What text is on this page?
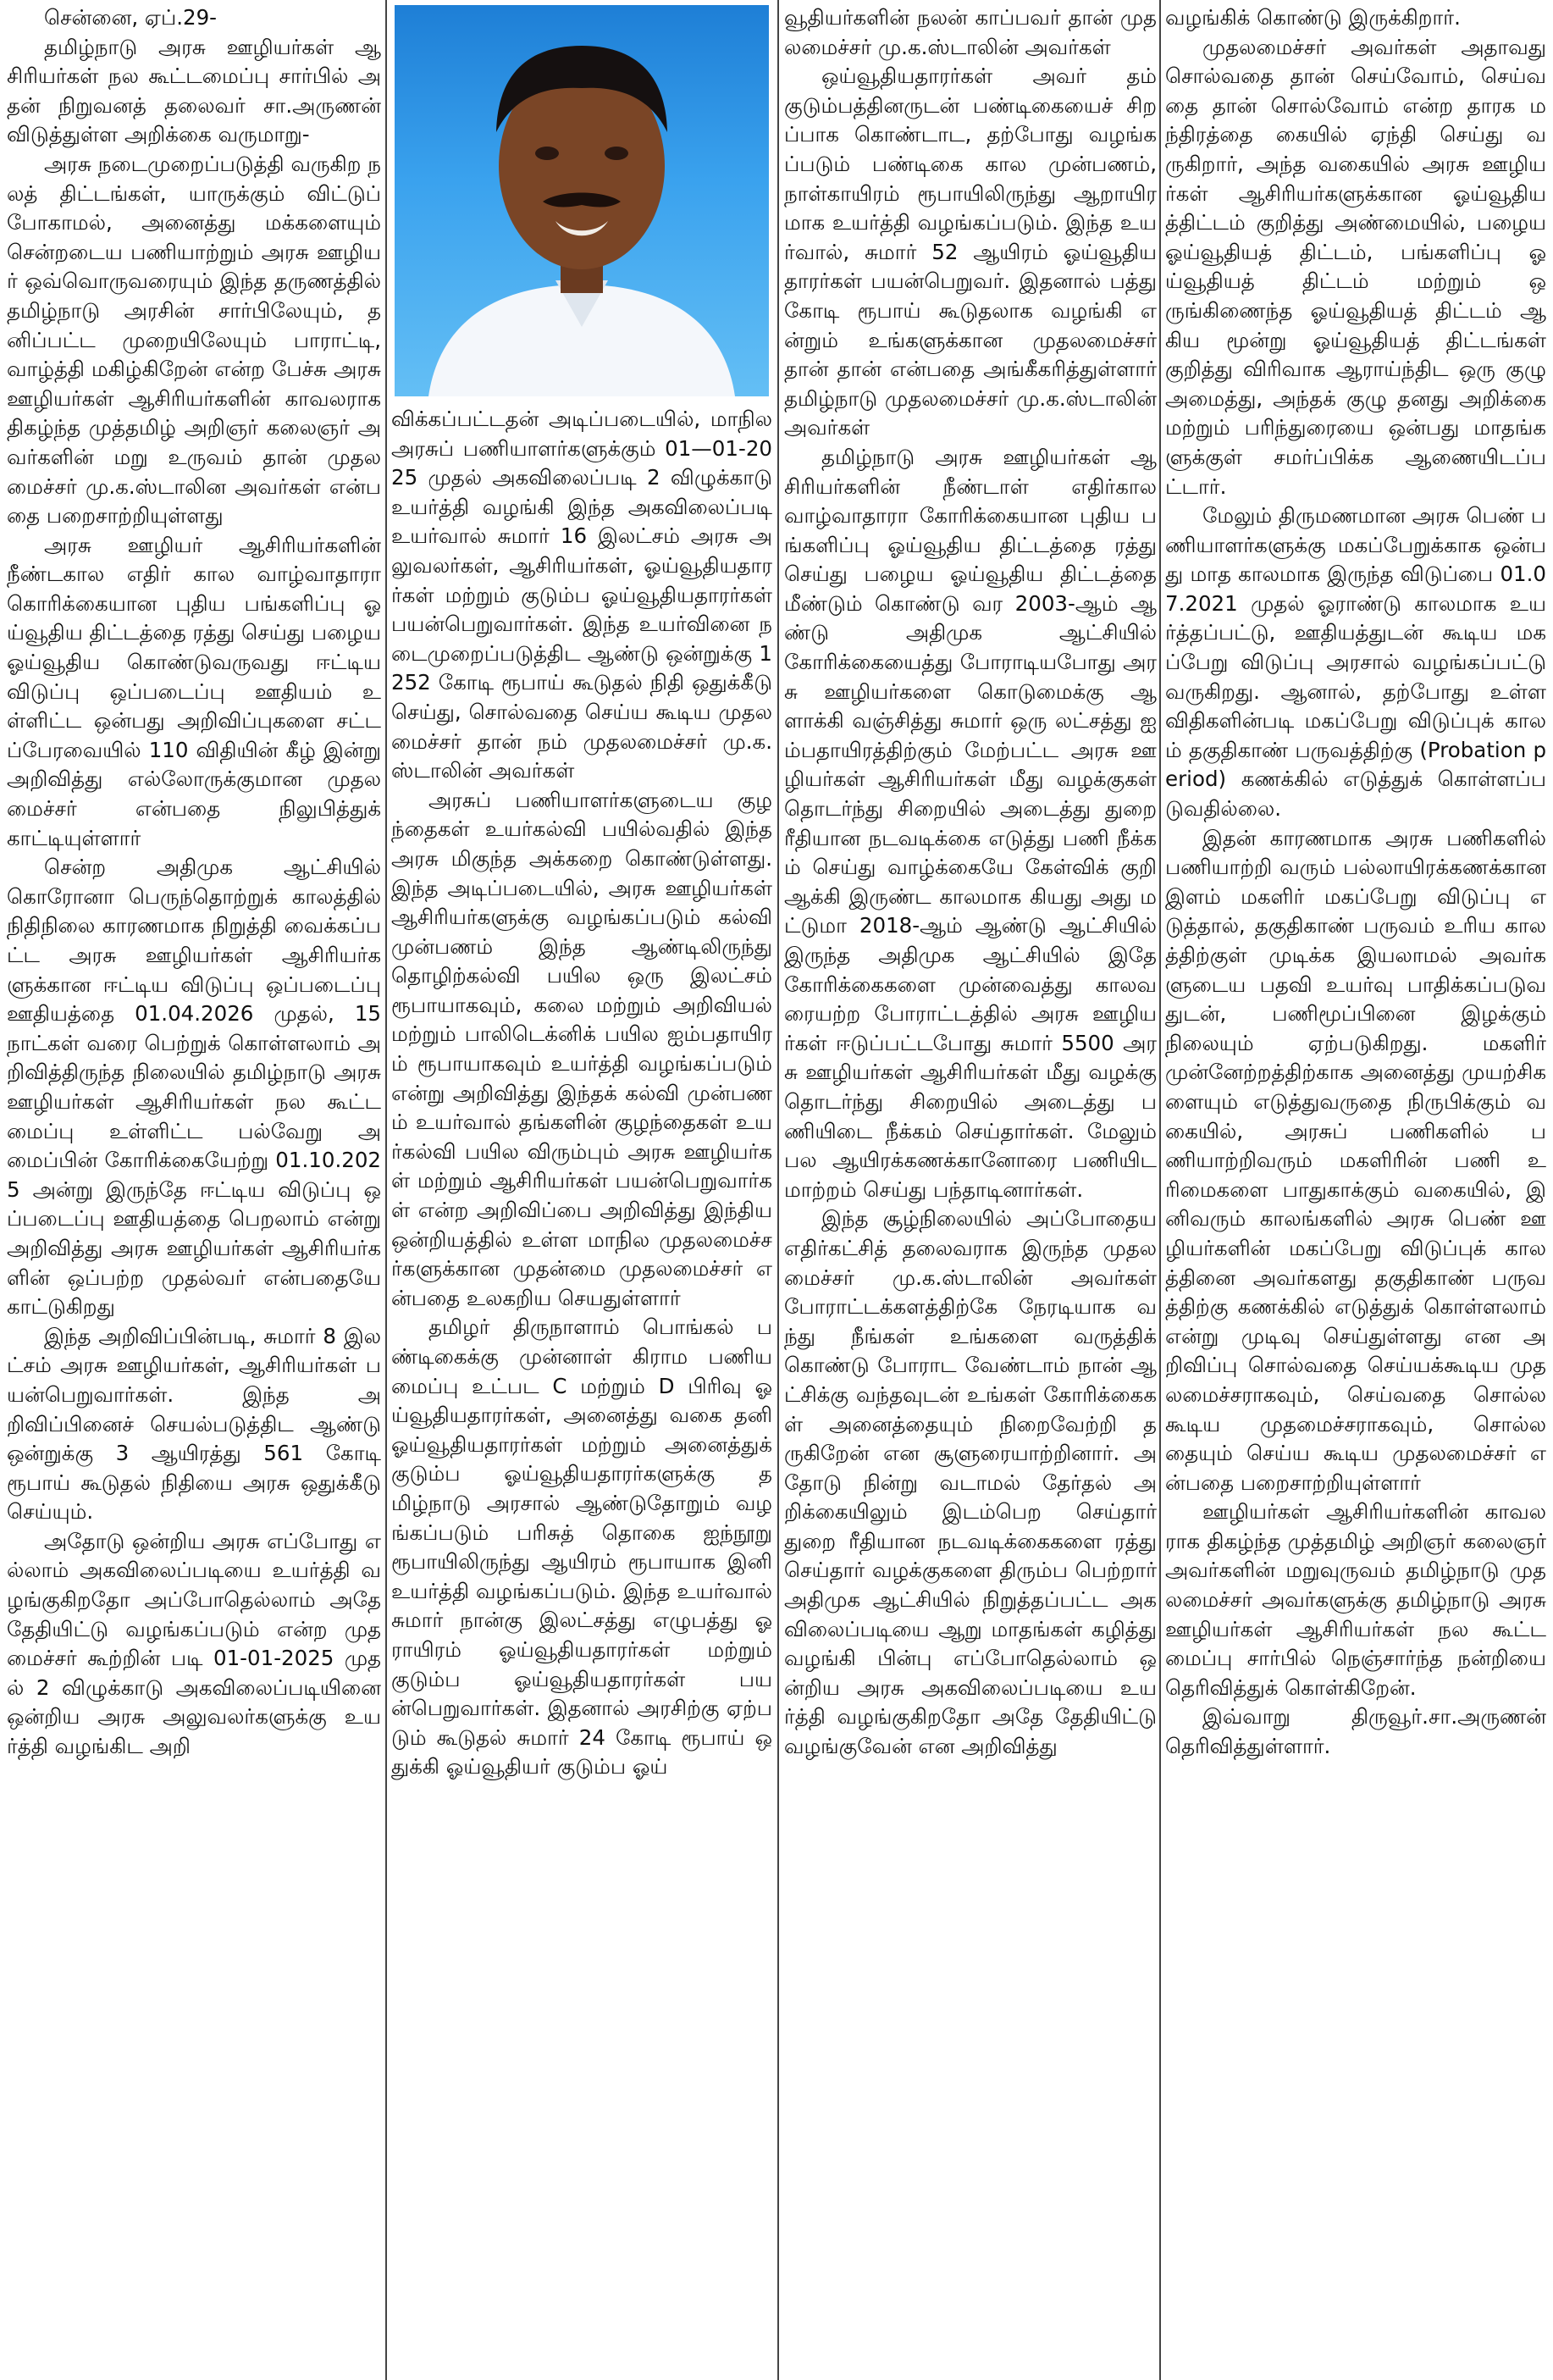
சென்னை, ஏப்.29-

தமிழ்நாடு அரசு ஊழியர்கள் ஆசிரியர்கள் நல கூட்டமைப்பு சார்பில் அதன் நிறுவனத் தலைவர் சா.அருணன் விடுத்துள்ள அறிக்கை வருமாறு-

அரசு நடைமுறைப்படுத்தி வருகிற நலத் திட்டங்கள், யாருக்கும் விட்டுப் போகாமல், அனைத்து மக்களையும் சென்றடைய பணியாற்றும் அரசு ஊழியர் ஒவ்வொருவரையும் இந்த தருணத்தில் தமிழ்நாடு அரசின் சார்பிலேயும், தனிப்பட்ட முறையிலேயும் பாராட்டி, வாழ்த்தி மகிழ்கிறேன் என்ற பேச்சு அரசு ஊழியர்கள் ஆசிரியர்களின் காவலராக திகழ்ந்த முத்தமிழ் அறிஞர் கலைஞர் அவர்களின் மறு உருவம் தான் முதலமைச்சர் மு.க.ஸ்டாலின அவர்கள் என்பதை பறைசாற்றியுள்ளது

அரசு ஊழியர் ஆசிரியர்களின் நீண்டகால எதிர் கால வாழ்வாதாரா கொரிக்கையான புதிய பங்களிப்பு ஓய்வூதிய திட்டத்தை ரத்து செய்து பழைய ஓய்வூதிய கொண்டுவருவது ஈட்டிய விடுப்பு ஒப்படைப்பு ஊதியம் உள்ளிட்ட ஒன்பது அறிவிப்புகளை சட்டப்பேரவையில் 110 விதியின் கீழ் இன்று அறிவித்து எல்லோருக்குமான முதலமைச்சர் என்பதை நிலுபித்துக் காட்டியுள்ளார்

சென்ற அதிமுக ஆட்சியில் கொரோனா பெருந்தொற்றுக் காலத்தில் நிதிநிலை காரணமாக நிறுத்தி வைக்கப்பட்ட அரசு ஊழியர்கள் ஆசிரியர்களுக்கான ஈட்டிய விடுப்பு ஒப்படைப்பு ஊதியத்தை 01.04.2026 முதல், 15 நாட்கள் வரை பெற்றுக் கொள்ளலாம் அறிவித்திருந்த நிலையில் தமிழ்நாடு அரசு ஊழியர்கள் ஆசிரியர்கள் நல கூட்டமைப்பு உள்ளிட்ட பல்வேறு அமைப்பின் கோரிக்கையேற்று 01.10.2025 அன்று இருந்தே ஈட்டிய விடுப்பு ஒப்படைப்பு ஊதியத்தை பெறலாம் என்று அறிவித்து அரசு ஊழியர்கள் ஆசிரியர்களின் ஒப்பற்ற முதல்வர் என்பதையே காட்டுகிறது

இந்த அறிவிப்பின்படி, சுமார் 8 இலட்சம் அரசு ஊழியர்கள், ஆசிரியர்கள் பயன்பெறுவார்கள். இந்த அறிவிப்பினைச் செயல்படுத்திட ஆண்டு ஒன்றுக்கு 3 ஆயிரத்து 561 கோடி ரூபாய் கூடுதல் நிதியை அரசு ஒதுக்கீடு செய்யும்.

அதோடு ஒன்றிய அரசு எப்போது எல்லாம் அகவிலைப்படியை உயர்த்தி வழங்குகிறதோ அப்போதெல்லாம் அதே தேதியிட்டு வழங்கப்படும் என்ற முதமைச்சர் கூற்றின் படி 01-01-2025 முதல் 2 விழுக்காடு அகவிலைப்படியினை ஒன்றிய அரசு அலுவலர்களுக்கு உயர்த்தி வழங்கிட அறி

விக்கப்பட்டதன் அடிப்படையில், மாநில அரசுப் பணியாளர்களுக்கும் 01—01-2025 முதல் அகவிலைப்படி 2 விழுக்காடு உயர்த்தி வழங்கி இந்த அகவிலைப்படி உயர்வால் சுமார் 16 இலட்சம் அரசு அலுவலர்கள், ஆசிரியர்கள், ஓய்வூதியதாரர்கள் மற்றும் குடும்ப ஓய்வூதியதாரர்கள் பயன்பெறுவார்கள். இந்த உயர்வினை நடைமுறைப்படுத்திட ஆண்டு ஒன்றுக்கு 1252 கோடி ரூபாய் கூடுதல் நிதி ஒதுக்கீடு செய்து, சொல்வதை செய்ய கூடிய முதலமைச்சர் தான் நம் முதலமைச்சர் மு.க.ஸ்டாலின் அவர்கள்

அரசுப் பணியாளர்களுடைய குழந்தைகள் உயர்கல்வி பயில்வதில் இந்த அரசு மிகுந்த அக்கறை கொண்டுள்ளது. இந்த அடிப்படையில், அரசு ஊழியர்கள் ஆசிரியர்களுக்கு வழங்கப்படும் கல்வி முன்பணம் இந்த ஆண்டிலிருந்து தொழிற்கல்வி பயில ஒரு இலட்சம் ரூபாயாகவும், கலை மற்றும் அறிவியல் மற்றும் பாலிடெக்னிக் பயில ஐம்பதாயிரம் ரூபாயாகவும் உயர்த்தி வழங்கப்படும் என்று அறிவித்து இந்தக் கல்வி முன்பணம் உயர்வால் தங்களின் குழந்தைகள் உயர்கல்வி பயில விரும்பும் அரசு ஊழியர்கள் மற்றும் ஆசிரியர்கள் பயன்பெறுவார்கள் என்ற அறிவிப்பை அறிவித்து இந்திய ஒன்றியத்தில் உள்ள மாநில முதலமைச்சர்களுக்கான முதன்மை முதலமைச்சர் என்பதை உலகறிய செயதுள்ளார்

தமிழர் திருநாளாம் பொங்கல் பண்டிகைக்கு முன்னாள் கிராம பணியமைப்பு உட்பட C மற்றும் D பிரிவு ஓய்வூதியதாரர்கள், அனைத்து வகை தனி ஓய்வூதியதாரர்கள் மற்றும் அனைத்துக் குடும்ப ஓய்வூதியதாரர்களுக்கு தமிழ்நாடு அரசால் ஆண்டுதோறும் வழங்கப்படும் பரிசுத் தொகை ஐந்நூறு ரூபாயிலிருந்து ஆயிரம் ரூபாயாக இனி உயர்த்தி வழங்கப்படும். இந்த உயர்வால் சுமார் நான்கு இலட்சத்து எழுபத்து ஓராயிரம் ஓய்வூதியதாரர்கள் மற்றும் குடும்ப ஓய்வூதியதாரர்கள் பயன்பெறுவார்கள். இதனால் அரசிற்கு ஏற்படும் கூடுதல் சுமார் 24 கோடி ரூபாய் ஒதுக்கி ஓய்வூதியர் குடும்ப ஓய்

வூதியர்களின் நலன் காப்பவர் தான் முதலமைச்சர் மு.க.ஸ்டாலின் அவர்கள்

ஒய்வூதியதாரர்கள் அவர் தம் குடும்பத்தினருடன் பண்டிகையைச் சிறப்பாக கொண்டாட, தற்போது வழங்கப்படும் பண்டிகை கால முன்பணம், நாள்காயிரம் ரூபாயிலிருந்து ஆறாயிரமாக உயர்த்தி வழங்கப்படும். இந்த உயர்வால், சுமார் 52 ஆயிரம் ஓய்வூதியதாரர்கள் பயன்பெறுவர். இதனால் பத்து கோடி ரூபாய் கூடுதலாக வழங்கி என்றும் உங்களுக்கான முதலமைச்சர் தான் தான் என்பதை அங்கீகரித்துள்ளார் தமிழ்நாடு முதலமைச்சர் மு.க.ஸ்டாலின் அவர்கள்

தமிழ்நாடு அரசு ஊழியர்கள் ஆசிரியர்களின் நீண்டாள் எதிர்கால வாழ்வாதாரா கோரிக்கையான புதிய பங்களிப்பு ஓய்வூதிய திட்டத்தை ரத்து செய்து பழைய ஓய்வூதிய திட்டத்தை மீண்டும் கொண்டு வர 2003-ஆம் ஆண்டு அதிமுக ஆட்சியில் கோரிக்கையைத்து போராடியபோது அரசு ஊழியர்களை கொடுமைக்கு ஆளாக்கி வஞ்சித்து சுமார் ஒரு லட்சத்து ஐம்பதாயிரத்திற்கும் மேற்பட்ட அரசு ஊழியர்கள் ஆசிரியர்கள் மீது வழக்குகள் தொடர்ந்து சிறையில் அடைத்து துறை ரீதியான நடவடிக்கை எடுத்து பணி நீக்கம் செய்து வாழ்க்கையே கேள்விக் குறி ஆக்கி இருண்ட காலமாக கியது அது மட்டுமா 2018-ஆம் ஆண்டு ஆட்சியில் இருந்த அதிமுக ஆட்சியில் இதே கோரிக்கைகளை முன்வைத்து காலவரையற்ற போராட்டத்தில் அரசு ஊழியர்கள் ஈடுப்பட்டபோது சுமார் 5500 அரசு ஊழியர்கள் ஆசிரியர்கள் மீது வழக்கு தொடர்ந்து சிறையில் அடைத்து பணியிடை நீக்கம் செய்தார்கள். மேலும் பல ஆயிரக்கணக்கானோரை பணியிட மாற்றம் செய்து பந்தாடினார்கள்.

இந்த சூழ்நிலையில் அப்போதைய எதிர்கட்சித் தலைவராக இருந்த முதலமைச்சர் மு.க.ஸ்டாலின் அவர்கள் போராட்டக்களத்திற்கே நேரடியாக வந்து நீங்கள் உங்களை வருத்திக் கொண்டு போராட வேண்டாம் நான் ஆட்சிக்கு வந்தவுடன் உங்கள் கோரிக்கைகள் அனைத்தையும் நிறைவேற்றி தருகிறேன் என சூளுரையாற்றினார். அதோடு நின்று வடாமல் தேர்தல் அறிக்கையிலும் இடம்பெற செய்தார் துறை ரீதியான நடவடிக்கைகளை ரத்து செய்தார் வழக்குகளை திரும்ப பெற்றார் அதிமுக ஆட்சியில் நிறுத்தப்பட்ட அகவிலைப்படியை ஆறு மாதங்கள் கழித்து வழங்கி பின்பு எப்போதெல்லாம் ஒன்றிய அரசு அகவிலைப்படியை உயர்த்தி வழங்குகிறதோ அதே தேதியிட்டு வழங்குவேன் என அறிவித்து

வழங்கிக் கொண்டு இருக்கிறார்.

முதலமைச்சர் அவர்கள் அதாவது சொல்வதை தான் செய்வோம், செய்வதை தான் சொல்வோம் என்ற தாரக மந்திரத்தை கையில் ஏந்தி செய்து வருகிறார், அந்த வகையில் அரசு ஊழியர்கள் ஆசிரியர்களுக்கான ஓய்வூதியத்திட்டம் குறித்து அண்மையில், பழைய ஓய்வூதியத் திட்டம், பங்களிப்பு ஓய்வூதியத் திட்டம் மற்றும் ஒருங்கிணைந்த ஓய்வூதியத் திட்டம் ஆகிய மூன்று ஓய்வூதியத் திட்டங்கள் குறித்து விரிவாக ஆராய்ந்திட ஒரு குழு அமைத்து, அந்தக் குழு தனது அறிக்கை மற்றும் பரிந்துரையை ஒன்பது மாதங்களுக்குள் சமர்ப்பிக்க ஆணையிடப்பட்டார்.

மேலும் திருமணமான அரசு பெண் பணியாளர்களுக்கு மகப்பேறுக்காக ஒன்பது மாத காலமாக இருந்த விடுப்பை 01.07.2021 முதல் ஓராண்டு காலமாக உயர்த்தப்பட்டு, ஊதியத்துடன் கூடிய மகப்பேறு விடுப்பு அரசால் வழங்கப்பட்டு வருகிறது. ஆனால், தற்போது உள்ள விதிகளின்படி மகப்பேறு விடுப்புக் காலம் தகுதிகாண் பருவத்திற்கு (Probation period) கணக்கில் எடுத்துக் கொள்ளப்படுவதில்லை.

இதன் காரணமாக அரசு பணிகளில் பணியாற்றி வரும் பல்லாயிரக்கணக்கான இளம் மகளிர் மகப்பேறு விடுப்பு எடுத்தால், தகுதிகாண் பருவம் உரிய காலத்திற்குள் முடிக்க இயலாமல் அவர்களுடைய பதவி உயர்வு பாதிக்கப்படுவதுடன், பணிமூப்பினை இழக்கும் நிலையும் ஏற்படுகிறது. மகளிர் முன்னேற்றத்திற்காக அனைத்து முயற்சிகளையும் எடுத்துவருதை நிருபிக்கும் வகையில், அரசுப் பணிகளில் பணியாற்றிவரும் மகளிரின் பணி உரிமைகளை பாதுகாக்கும் வகையில், இனிவரும் காலங்களில் அரசு பெண் ஊழியர்களின் மகப்பேறு விடுப்புக் காலத்தினை அவர்களது தகுதிகாண் பருவத்திற்கு கணக்கில் எடுத்துக் கொள்ளலாம் என்று முடிவு செய்துள்ளது என அறிவிப்பு சொல்வதை செய்யக்கூடிய முதலமைச்சராகவும், செய்வதை சொல்ல கூடிய முதமைச்சராகவும், சொல்லதையும் செய்ய கூடிய முதலமைச்சர் என்பதை பறைசாற்றியுள்ளார்

ஊழியர்கள் ஆசிரியர்களின் காவலராக திகழ்ந்த முத்தமிழ் அறிஞர் கலைஞர் அவர்களின் மறுவுருவம் தமிழ்நாடு முதலமைச்சர் அவர்களுக்கு தமிழ்நாடு அரசு ஊழியர்கள் ஆசிரியர்கள் நல கூட்டமைப்பு சார்பில் நெஞ்சார்ந்த நன்றியை தெரிவித்துக் கொள்கிறேன்.

இவ்வாறு திருவூர்.சா.அருணன் தெரிவித்துள்ளார்.
